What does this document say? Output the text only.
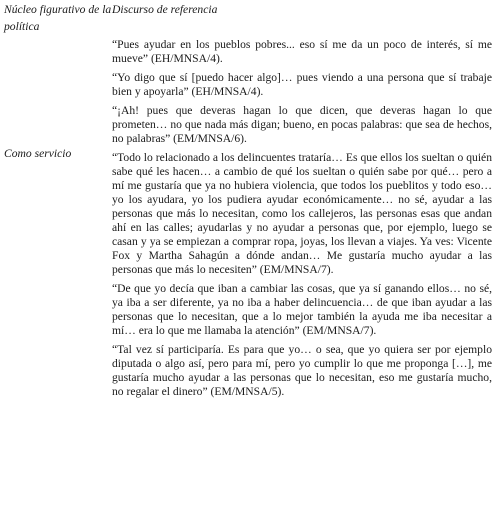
Núcleo figurativo de la política
Discurso de referencia
Como servicio

“Pues ayudar en los pueblos pobres... eso sí me da un poco de interés, sí me mueve” (EH/MNSA/4).

“Yo digo que sí [puedo hacer algo]… pues viendo a una persona que sí trabaje bien y apoyarla” (EH/MNSA/4).

“¡Ah! pues que deveras hagan lo que dicen, que deveras hagan lo que prometen… no que nada más digan; bueno, en pocas palabras: que sea de hechos, no palabras” (EM/MNSA/6).

“Todo lo relacionado a los delincuentes trataría… Es que ellos los sueltan o quién sabe qué les hacen… a cambio de qué los sueltan o quién sabe por qué… pero a mí me gustaría que ya no hubiera violencia, que todos los pueblitos y todo eso… yo los ayudara, yo los pudiera ayudar económicamente… no sé, ayudar a las personas que más lo necesitan, como los callejeros, las personas esas que andan ahí en las calles; ayudarlas y no ayudar a personas que, por ejemplo, luego se casan y ya se empiezan a comprar ropa, joyas, los llevan a viajes. Ya ves: Vicente Fox y Martha Sahagún a dónde andan… Me gustaría mucho ayudar a las personas que más lo necesiten” (EM/MNSA/7).

“De que yo decía que iban a cambiar las cosas, que ya sí ganando ellos… no sé, ya iba a ser diferente, ya no iba a haber delincuencia… de que iban ayudar a las personas que lo necesitan, que a lo mejor también la ayuda me iba necesitar a mí… era lo que me llamaba la atención” (EM/MNSA/7).

“Tal vez sí participaría. Es para que yo… o sea, que yo quiera ser por ejemplo diputada o algo así, pero para mí, pero yo cumplir lo que me proponga […], me gustaría mucho ayudar a las personas que lo necesitan, eso me gustaría mucho, no regalar el dinero” (EM/MNSA/5).
